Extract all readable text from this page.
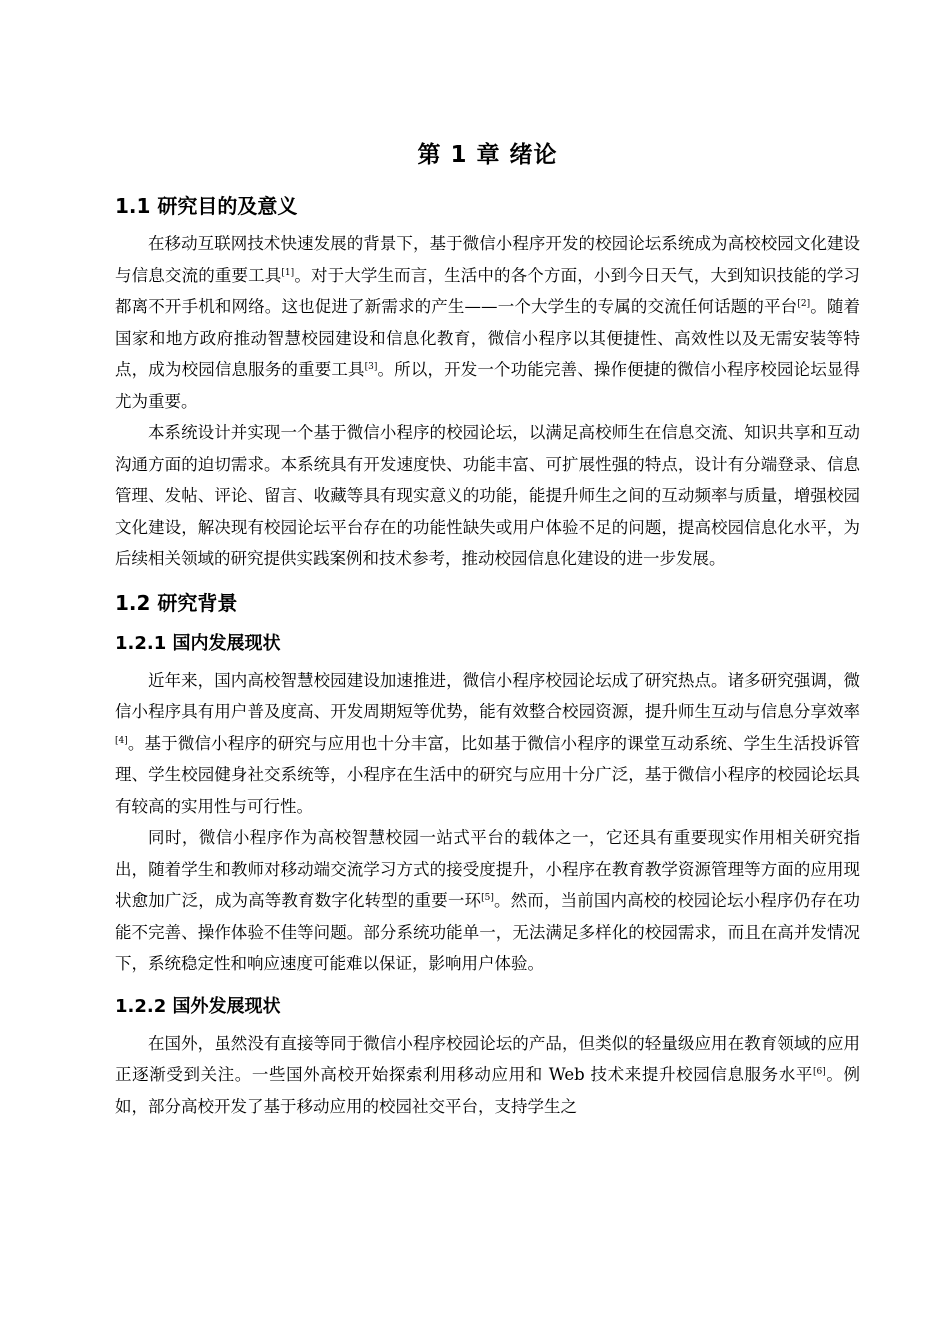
第 1 章 绪论
1.1 研究目的及意义

在移动互联网技术快速发展的背景下，基于微信小程序开发的校园论坛系统成为高校校园文化建设与信息交流的重要工具[1]。对于大学生而言，生活中的各个方面，小到今日天气，大到知识技能的学习都离不开手机和网络。这也促进了新需求的产生——一个大学生的专属的交流任何话题的平台[2]。随着国家和地方政府推动智慧校园建设和信息化教育，微信小程序以其便捷性、高效性以及无需安装等特点，成为校园信息服务的重要工具[3]。所以，开发一个功能完善、操作便捷的微信小程序校园论坛显得尤为重要。

本系统设计并实现一个基于微信小程序的校园论坛，以满足高校师生在信息交流、知识共享和互动沟通方面的迫切需求。本系统具有开发速度快、功能丰富、可扩展性强的特点，设计有分端登录、信息管理、发帖、评论、留言、收藏等具有现实意义的功能，能提升师生之间的互动频率与质量，增强校园文化建设，解决现有校园论坛平台存在的功能性缺失或用户体验不足的问题，提高校园信息化水平，为后续相关领域的研究提供实践案例和技术参考，推动校园信息化建设的进一步发展。

1.2 研究背景
1.2.1 国内发展现状

近年来，国内高校智慧校园建设加速推进，微信小程序校园论坛成了研究热点。诸多研究强调，微信小程序具有用户普及度高、开发周期短等优势，能有效整合校园资源，提升师生互动与信息分享效率[4]。基于微信小程序的研究与应用也十分丰富，比如基于微信小程序的课堂互动系统、学生生活投诉管理、学生校园健身社交系统等，小程序在生活中的研究与应用十分广泛，基于微信小程序的校园论坛具有较高的实用性与可行性。

同时，微信小程序作为高校智慧校园一站式平台的载体之一，它还具有重要现实作用相关研究指出，随着学生和教师对移动端交流学习方式的接受度提升，小程序在教育教学资源管理等方面的应用现状愈加广泛，成为高等教育数字化转型的重要一环[5]。然而，当前国内高校的校园论坛小程序仍存在功能不完善、操作体验不佳等问题。部分系统功能单一，无法满足多样化的校园需求，而且在高并发情况下，系统稳定性和响应速度可能难以保证，影响用户体验。

1.2.2 国外发展现状

在国外，虽然没有直接等同于微信小程序校园论坛的产品，但类似的轻量级应用在教育领域的应用正逐渐受到关注。一些国外高校开始探索利用移动应用和 Web 技术来提升校园信息服务水平[6]。例如，部分高校开发了基于移动应用的校园社交平台，支持学生之
